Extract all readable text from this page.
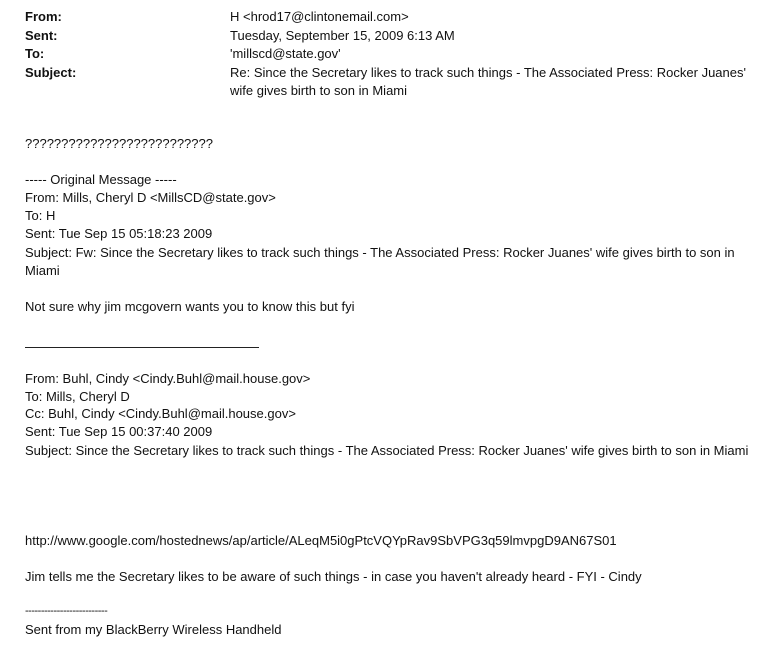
From:	H <hrod17@clintonemail.com>
Sent:	Tuesday, September 15, 2009 6:13 AM
To:	'millscd@state.gov'
Subject:	Re: Since the Secretary likes to track such things - The Associated Press: Rocker Juanes' wife gives birth to son in Miami
??????????????????????????
----- Original Message -----
From: Mills, Cheryl D <MillsCD@state.gov>
To: H
Sent: Tue Sep 15 05:18:23 2009
Subject: Fw: Since the Secretary likes to track such things - The Associated Press: Rocker Juanes' wife gives birth to son in Miami
Not sure why jim mcgovern wants you to know this but fyi
From: Buhl, Cindy <Cindy.Buhl@mail.house.gov>
To: Mills, Cheryl D
Cc: Buhl, Cindy <Cindy.Buhl@mail.house.gov>
Sent: Tue Sep 15 00:37:40 2009
Subject: Since the Secretary likes to track such things - The Associated Press: Rocker Juanes' wife gives birth to son in Miami
http://www.google.com/hostednews/ap/article/ALeqM5i0gPtcVQYpRav9SbVPG3q59lmvpgD9AN67S01
Jim tells me the Secretary likes to be aware of such things - in case you haven't already heard - FYI - Cindy
--------------------------
Sent from my BlackBerry Wireless Handheld
